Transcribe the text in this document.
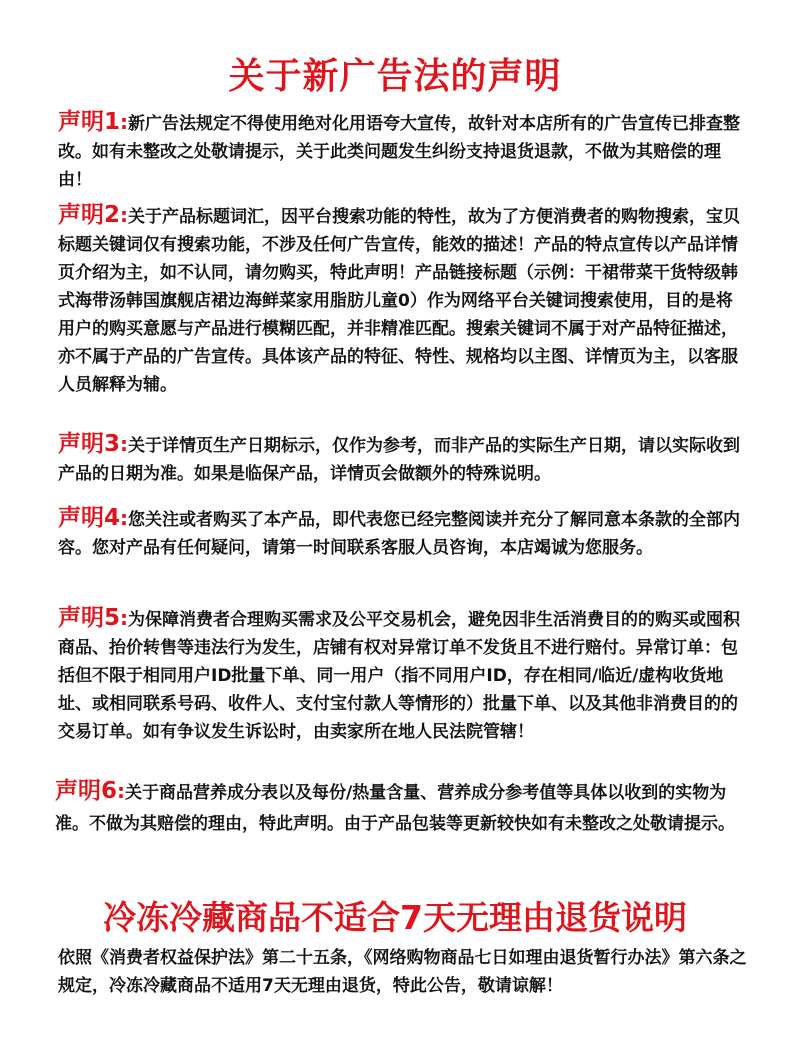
关于新广告法的声明
声明1:新广告法规定不得使用绝对化用语夸大宣传，故针对本店所有的广告宣传已排查整改。如有未整改之处敬请提示，关于此类问题发生纠纷支持退货退款，不做为其赔偿的理由！
声明2:关于产品标题词汇，因平台搜索功能的特性，故为了方便消费者的购物搜索，宝贝标题关键词仅有搜索功能，不涉及任何广告宣传，能效的描述！产品的特点宣传以产品详情页介绍为主，如不认同，请勿购买，特此声明！产品链接标题（示例：干裙带菜干货特级韩式海带汤韩国旗舰店裙边海鲜菜家用脂肪儿童0）作为网络平台关键词搜索使用，目的是将用户的购买意愿与产品进行模糊匹配，并非精准匹配。搜索关键词不属于对产品特征描述，亦不属于产品的广告宣传。具体该产品的特征、特性、规格均以主图、详情页为主，以客服人员解释为辅。
声明3:关于详情页生产日期标示，仅作为参考，而非产品的实际生产日期，请以实际收到产品的日期为准。如果是临保产品，详情页会做额外的特殊说明。
声明4:您关注或者购买了本产品，即代表您已经完整阅读并充分了解同意本条款的全部内容。您对产品有任何疑问，请第一时间联系客服人员咨询，本店竭诚为您服务。
声明5:为保障消费者合理购买需求及公平交易机会，避免因非生活消费目的的购买或囤积商品、抬价转售等违法行为发生，店铺有权对异常订单不发货且不进行赔付。异常订单：包括但不限于相同用户ID批量下单、同一用户（指不同用户ID，存在相同/临近/虚构收货地址、或相同联系号码、收件人、支付宝付款人等情形的）批量下单、以及其他非消费目的的交易订单。如有争议发生诉讼时，由卖家所在地人民法院管辖！
声明6:关于商品营养成分表以及每份/热量含量、营养成分参考值等具体以收到的实物为准。不做为其赔偿的理由，特此声明。由于产品包装等更新较快如有未整改之处敬请提示。
冷冻冷藏商品不适合7天无理由退货说明
依照《消费者权益保护法》第二十五条，《网络购物商品七日如理由退货暂行办法》第六条之规定，冷冻冷藏商品不适用7天无理由退货，特此公告，敬请谅解！
